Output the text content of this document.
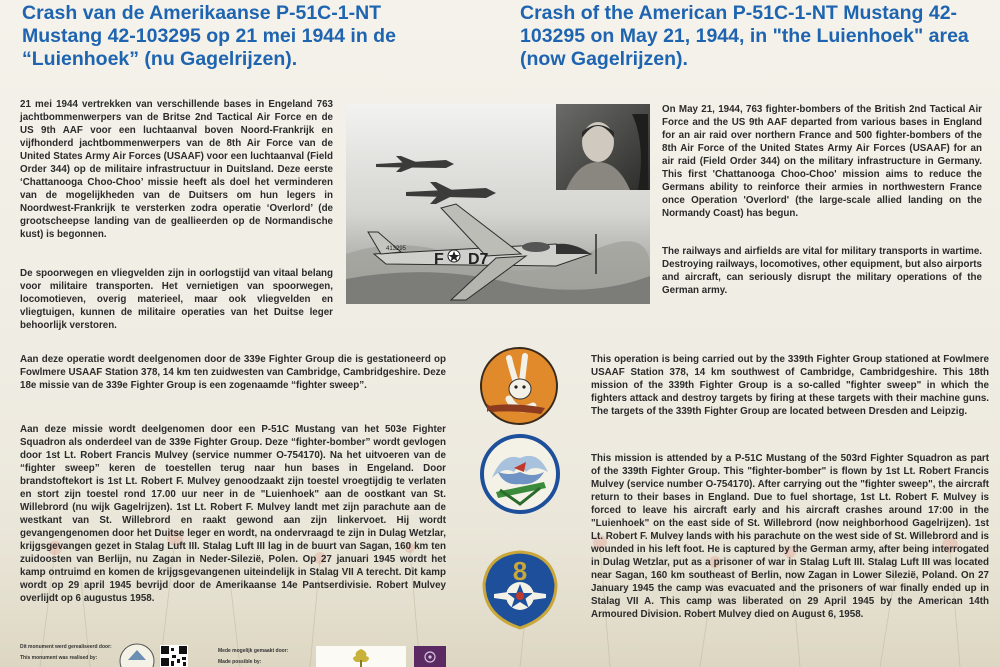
Crash van de Amerikaanse P-51C-1-NT Mustang 42-103295 op 21 mei 1944 in de “Luienhoek” (nu Gagelrijzen).
Crash of the American P-51C-1-NT Mustang 42-103295 on May 21, 1944, in "the Luienhoek" area (now Gagelrijzen).

21 mei 1944 vertrekken van verschillende bases in Engeland 763 jachtbommenwerpers van de Britse 2nd Tactical Air Force en de US 9th AAF voor een luchtaanval boven Noord-Frankrijk en vijfhonderd jachtbommenwerpers van de 8th Air Force van de United States Army Air Forces (USAAF) voor een luchtaanval (Field Order 344) op de militaire infrastructuur in Duitsland. Deze eerste ‘Chattanooga Choo-Choo’ missie heeft als doel het verminderen van de mogelijkheden van de Duitsers om hun legers in Noordwest-Frankrijk te versterken zodra operatie ‘Overlord’ (de grootscheepse landing van de geallieerden op de Normandische kust) is begonnen.

De spoorwegen en vliegvelden zijn in oorlogstijd van vitaal belang voor militaire transporten. Het vernietigen van spoorwegen, locomotieven, overig materieel, maar ook vliegvelden en vliegtuigen, kunnen de militaire operaties van het Duitse leger behoorlijk verstoren.

On May 21, 1944, 763 fighter-bombers of the British 2nd Tactical Air Force and the US 9th AAF departed from various bases in England for an air raid over northern France and 500 fighter-bombers of the 8th Air Force of the United States Army Air Forces (USAAF) for an air raid (Field Order 344) on the military infrastructure in Germany. This first 'Chattanooga Choo-Choo' mission aims to reduce the Germans ability to reinforce their armies in northwestern France once Operation 'Overlord' (the large-scale allied landing on the Normandy Coast) has begun.

The railways and airfields are vital for military transports in wartime. Destroying railways, locomotives, other equipment, but also airports and aircraft, can seriously disrupt the military operations of the German army.

F D7
413295

Aan deze operatie wordt deelgenomen door de 339e Fighter Group die is gestationeerd op Fowlmere USAAF Station 378, 14 km ten zuidwesten van Cambridge, Cambridgeshire. Deze 18e missie van de 339e Fighter Group is een zogenaamde “fighter sweep”.

Aan deze missie wordt deelgenomen door een P-51C Mustang van het 503e Fighter Squadron als onderdeel van de 339e Fighter Group. Deze “fighter-bomber” wordt gevlogen door 1st Lt. Robert Francis Mulvey (service nummer O-754170). Na het uitvoeren van de “fighter sweep” keren de toestellen terug naar hun bases in Engeland. Door brandstoftekort is 1st Lt. Robert F. Mulvey genoodzaakt zijn toestel vroegtijdig te verlaten en stort zijn toestel rond 17.00 uur neer in de "Luienhoek" aan de oostkant van St. Willebrord (nu wijk Gagelrijzen). 1st Lt. Robert F. Mulvey landt met zijn parachute aan de westkant van St. Willebrord en raakt gewond aan zijn linkervoet. Hij wordt gevangengenomen door het Duitse leger en wordt, na ondervraagd te zijn in Dulag Wetzlar, krijgsgevangen gezet in Stalag Luft III. Stalag Luft III lag in de buurt van Sagan, 160 km ten zuidoosten van Berlijn, nu Zagan in Neder-Silezië, Polen. Op 27 januari 1945 wordt het kamp ontruimd en komen de krijgsgevangenen uiteindelijk in Stalag VII A terecht. Dit kamp wordt op 29 april 1945 bevrijd door de Amerikaanse 14e Pantserdivisie. Robert Mulvey overlijdt op 6 augustus 1958.

This operation is being carried out by the 339th Fighter Group stationed at Fowlmere USAAF Station 378, 14 km southwest of Cambridge, Cambridgeshire. This 18th mission of the 339th Fighter Group is a so-called "fighter sweep" in which the fighters attack and destroy targets by firing at these targets with their machine guns. The targets of the 339th Fighter Group are located between Dresden and Leipzig.

This mission is attended by a P-51C Mustang of the 503rd Fighter Squadron as part of the 339th Fighter Group. This "fighter-bomber" is flown by 1st Lt. Robert Francis Mulvey (service number O-754170). After carrying out the "fighter sweep", the aircraft return to their bases in England. Due to fuel shortage, 1st Lt. Robert F. Mulvey is forced to leave his aircraft early and his aircraft crashes around 17:00 in the "Luienhoek" on the east side of St. Willebrord (now neighborhood Gagelrijzen). 1st Lt. Robert F. Mulvey lands with his parachute on the west side of St. Willebrord and is wounded in his left foot. He is captured by the German army, after being interrogated in Dulag Wetzlar, put as a prisoner of war in Stalag Luft III. Stalag Luft III was located near Sagan, 160 km southeast of Berlin, now Zagan in Lower Silezië, Poland. On 27 January 1945 the camp was evacuated and the prisoners of war finally ended up in Stalag VII A. This camp was liberated on 29 April 1945 by the American 14th Armoured Division. Robert Mulvey died on August 6, 1958.

8
Dit monument werd gerealiseerd door:
This monument was realised by:
Mede mogelijk gemaakt door:
Made possible by:
